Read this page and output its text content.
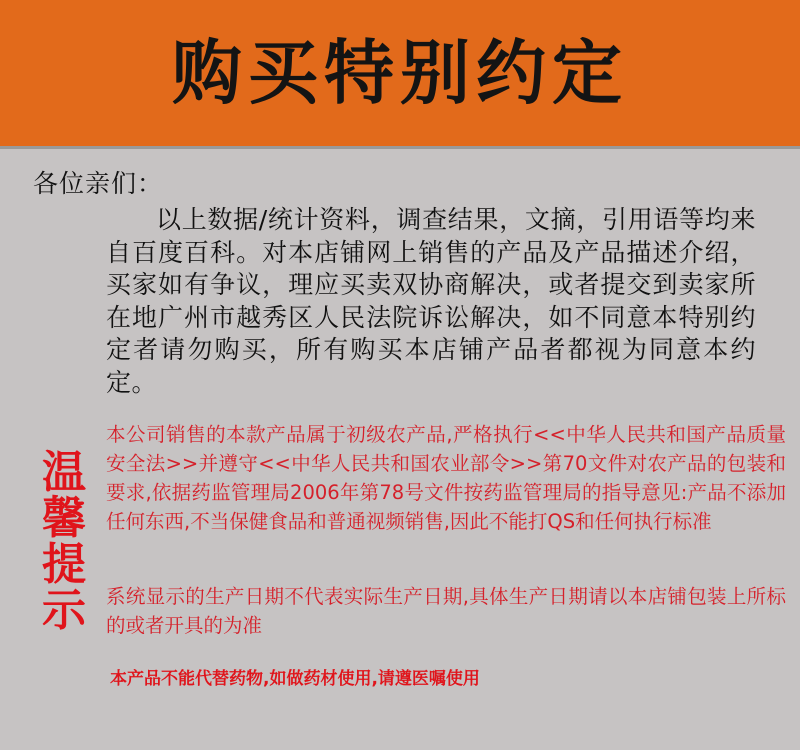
购买特别约定
各位亲们：
以上数据/统计资料，调查结果，文摘，引用语等均来自百度百科。对本店铺网上销售的产品及产品描述介绍，买家如有争议，理应买卖双协商解决，或者提交到卖家所在地广州市越秀区人民法院诉讼解决，如不同意本特别约定者请勿购买，所有购买本店铺产品者都视为同意本约定。
温
馨
提
示
本公司销售的本款产品属于初级农产品,严格执行<<中华人民共和国产品质量安全法>>并遵守<<中华人民共和国农业部令>>第70文件对农产品的包装和要求,依据药监管理局2006年第78号文件按药监管理局的指导意见:产品不添加任何东西,不当保健食品和普通视频销售,因此不能打QS和任何执行标准
系统显示的生产日期不代表实际生产日期,具体生产日期请以本店铺包装上所标的或者开具的为准
本产品不能代替药物,如做药材使用,请遵医嘱使用
